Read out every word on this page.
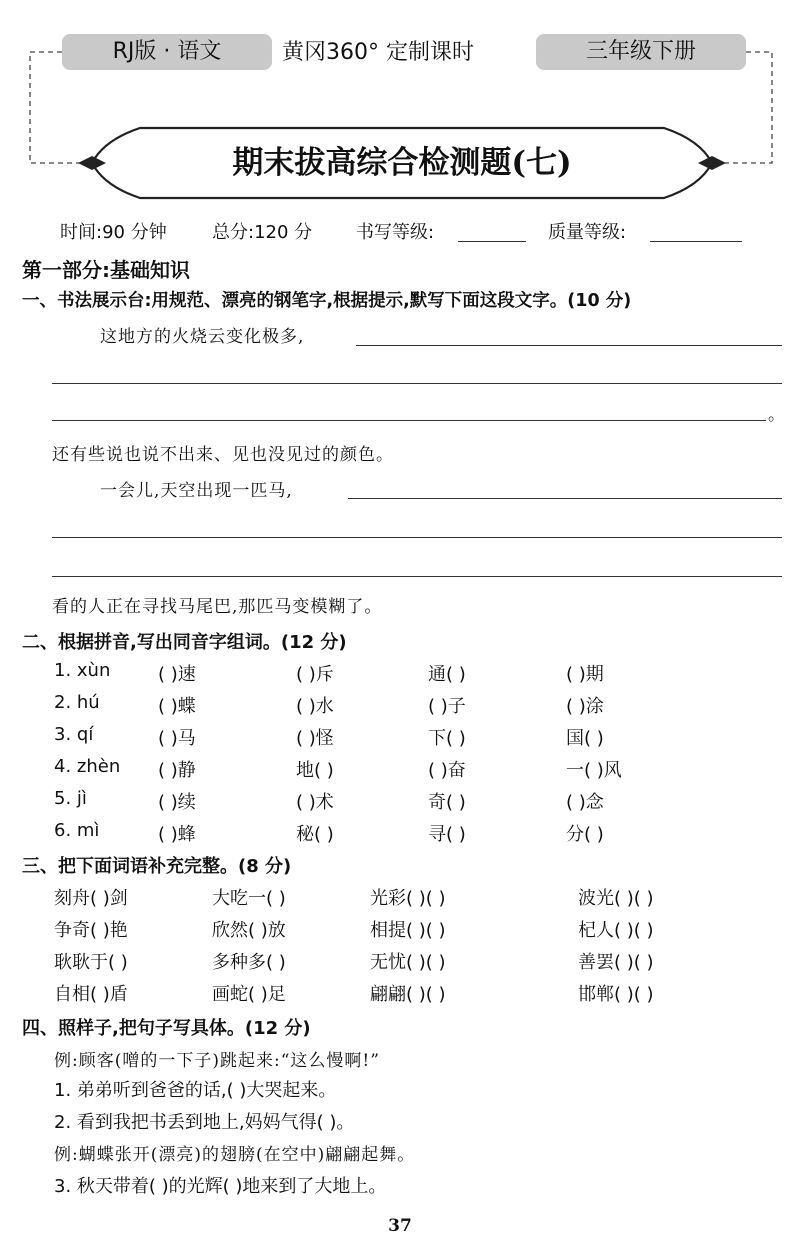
RJ版 · 语文	黄冈360° 定制课时	三年级下册
期末拔高综合检测题(七)
时间:90 分钟	总分:120 分 书写等级:	质量等级:
第一部分:基础知识
一、书法展示台:用规范、漂亮的钢笔字,根据提示,默写下面这段文字。(10 分)
这地方的火烧云变化极多,
。
还有些说也说不出来、见也没见过的颜色。
一会儿,天空出现一匹马,
看的人正在寻找马尾巴,那匹马变模糊了。
二、根据拼音,写出同音字组词。(12 分)
1. xùn	( )速	( )斥	通( )	( )期
2. hú	( )蝶	( )水	( )子	( )涂
3. qí	( )马	( )怪	下( )	国( )
4. zhèn ( )静	地( )	( )奋	一( )风
5. jì	( )续	( )术	奇( )	( )念
6. mì	( )蜂	秘( )	寻( )	分( )
三、把下面词语补充完整。(8 分)
刻舟( )剑	大吃一( )	光彩( )( )	波光( )( )
争奇( )艳	欣然( )放	相提( )( )	杞人( )( )
耿耿于( )	多种多( )	无忧( )( )	善罢( )( )
自相( )盾	画蛇( )足	翩翩( )( )	邯郸( )( )
四、照样子,把句子写具体。(12 分)
例:顾客(噌的一下子)跳起来:“这么慢啊!”
1. 弟弟听到爸爸的话,( )大哭起来。
2. 看到我把书丢到地上,妈妈气得( )。
例:蝴蝶张开(漂亮)的翅膀(在空中)翩翩起舞。
3. 秋天带着( )的光辉( )地来到了大地上。
37
